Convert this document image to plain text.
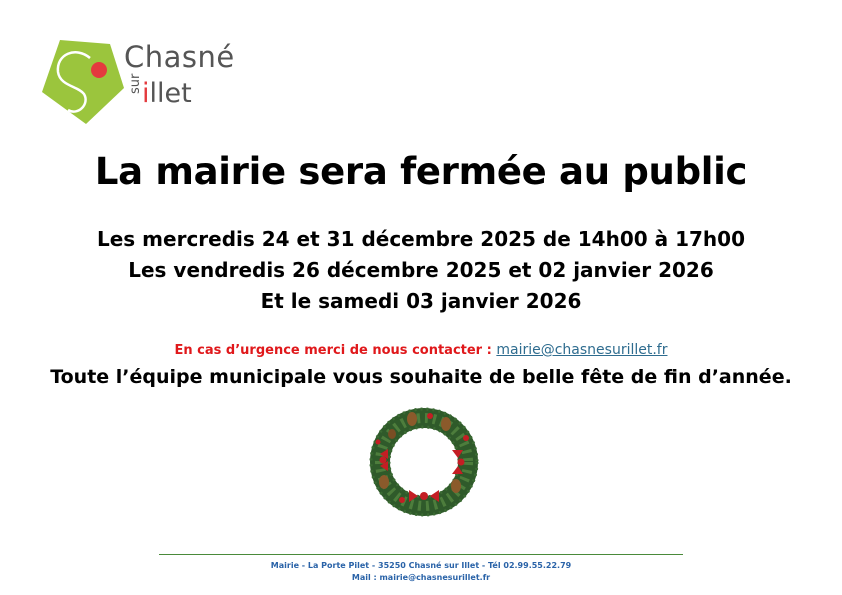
Chasné
sur illet
La mairie sera fermée au public
Les mercredis 24 et 31 décembre 2025 de 14h00 à 17h00
Les vendredis 26 décembre 2025 et 02 janvier 2026
Et le samedi 03 janvier 2026
En cas d’urgence merci de nous contacter : mairie@chasnesurillet.fr
Toute l’équipe municipale vous souhaite de belle fête de fin d’année.
Mairie - La Porte Pilet - 35250 Chasné sur Illet - Tél 02.99.55.22.79
Mail : mairie@chasnesurillet.fr
